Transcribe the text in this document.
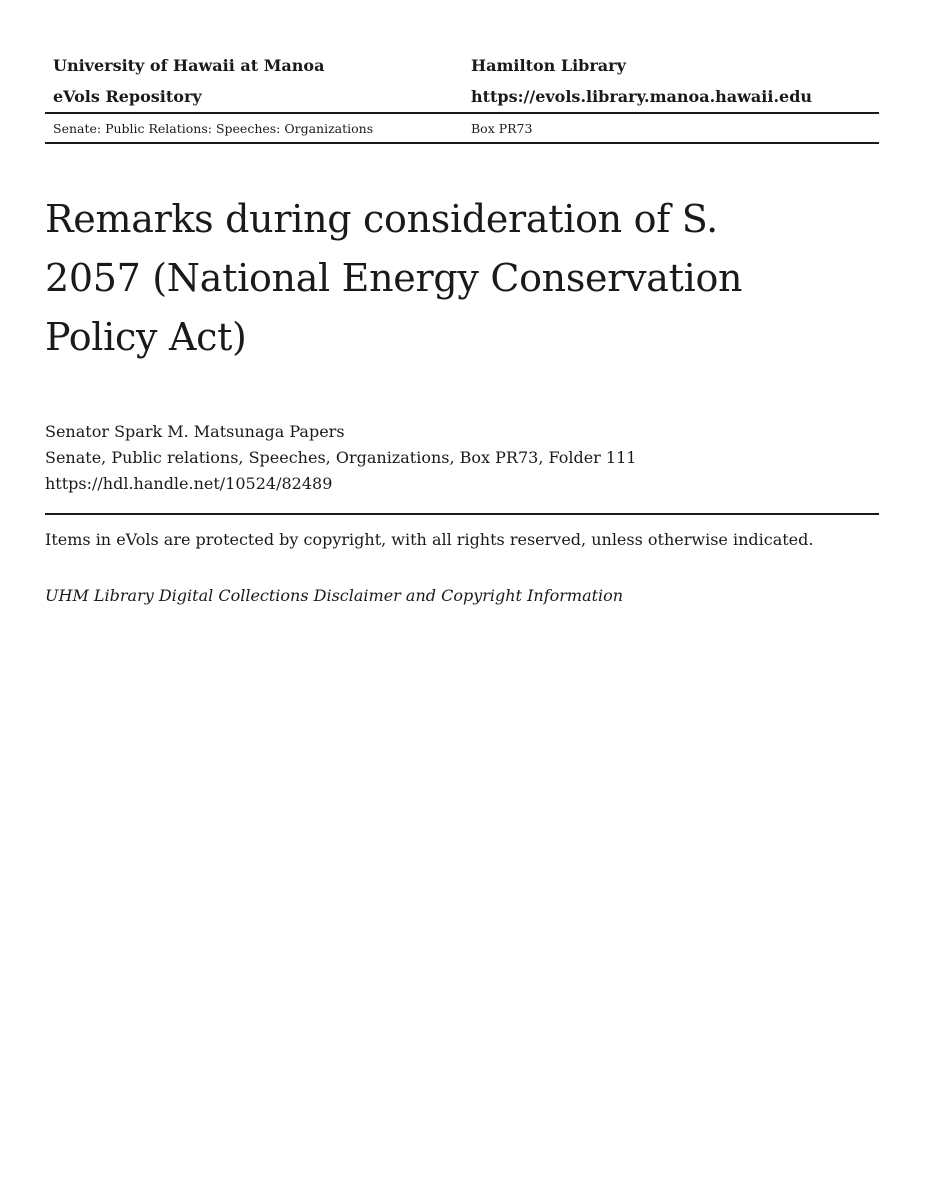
University of Hawaii at Manoa	Hamilton Library
eVols Repository	https://evols.library.manoa.hawaii.edu
Senate: Public Relations: Speeches: Organizations	Box PR73
Remarks during consideration of S. 2057 (National Energy Conservation Policy Act)
Senator Spark M. Matsunaga Papers
Senate, Public relations, Speeches, Organizations, Box PR73, Folder 111
https://hdl.handle.net/10524/82489
Items in eVols are protected by copyright, with all rights reserved, unless otherwise indicated.
UHM Library Digital Collections Disclaimer and Copyright Information
